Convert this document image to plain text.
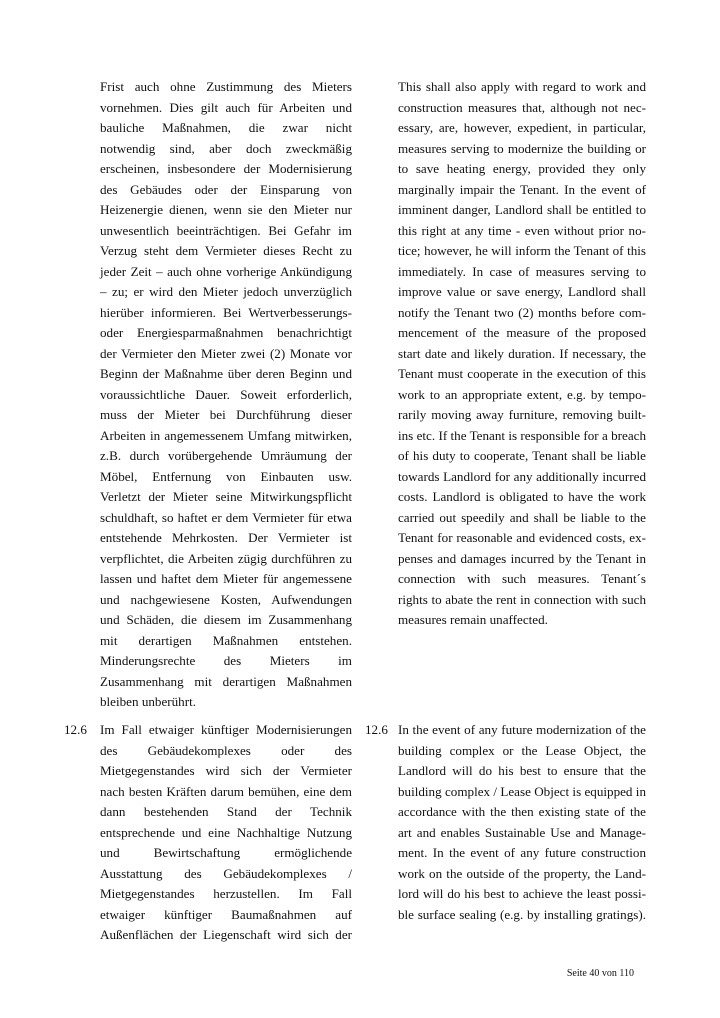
Frist auch ohne Zustimmung des Mieters
vornehmen. Dies gilt auch für Arbeiten und
bauliche Maßnahmen, die zwar nicht
notwendig sind, aber doch zweckmäßig
erscheinen, insbesondere der Modernisierung
des Gebäudes oder der Einsparung von
Heizenergie dienen, wenn sie den Mieter nur
unwesentlich beeinträchtigen. Bei Gefahr im
Verzug steht dem Vermieter dieses Recht zu
jeder Zeit – auch ohne vorherige Ankündigung
– zu; er wird den Mieter jedoch unverzüglich
hierüber informieren. Bei Wertverbesserungs-
oder Energiesparmaßnahmen benachrichtigt
der Vermieter den Mieter zwei (2) Monate vor
Beginn der Maßnahme über deren Beginn und
voraussichtliche Dauer. Soweit erforderlich,
muss der Mieter bei Durchführung dieser
Arbeiten in angemessenem Umfang mitwirken,
z.B. durch vorübergehende Umräumung der
Möbel, Entfernung von Einbauten usw.
Verletzt der Mieter seine Mitwirkungspflicht
schuldhaft, so haftet er dem Vermieter für etwa
entstehende Mehrkosten. Der Vermieter ist
verpflichtet, die Arbeiten zügig durchführen zu
lassen und haftet dem Mieter für angemessene
und nachgewiesene Kosten, Aufwendungen
und Schäden, die diesem im Zusammenhang
mit derartigen Maßnahmen entstehen.
Minderungsrechte des Mieters im
Zusammenhang mit derartigen Maßnahmen
bleiben unberührt.
This shall also apply with regard to work and
construction measures that, although not nec-
essary, are, however, expedient, in particular,
measures serving to modernize the building or
to save heating energy, provided they only
marginally impair the Tenant. In the event of
imminent danger, Landlord shall be entitled to
this right at any time - even without prior no-
tice; however, he will inform the Tenant of this
immediately. In case of measures serving to
improve value or save energy, Landlord shall
notify the Tenant two (2) months before com-
mencement of the measure of the proposed
start date and likely duration. If necessary, the
Tenant must cooperate in the execution of this
work to an appropriate extent, e.g. by tempo-
rarily moving away furniture, removing built-
ins etc. If the Tenant is responsible for a breach
of his duty to cooperate, Tenant shall be liable
towards Landlord for any additionally incurred
costs. Landlord is obligated to have the work
carried out speedily and shall be liable to the
Tenant for reasonable and evidenced costs, ex-
penses and damages incurred by the Tenant in
connection with such measures. Tenant´s
rights to abate the rent in connection with such
measures remain unaffected.
12.6 Im Fall etwaiger künftiger Modernisierungen
des Gebäudekomplexes oder des
Mietgegenstandes wird sich der Vermieter
nach besten Kräften darum bemühen, eine dem
dann bestehenden Stand der Technik
entsprechende und eine Nachhaltige Nutzung
und Bewirtschaftung ermöglichende
Ausstattung des Gebäudekomplexes /
Mietgegenstandes herzustellen. Im Fall
etwaiger künftiger Baumaßnahmen auf
Außenflächen der Liegenschaft wird sich der
12.6 In the event of any future modernization of the
building complex or the Lease Object, the
Landlord will do his best to ensure that the
building complex / Lease Object is equipped in
accordance with the then existing state of the
art and enables Sustainable Use and Manage-
ment. In the event of any future construction
work on the outside of the property, the Land-
lord will do his best to achieve the least possi-
ble surface sealing (e.g. by installing gratings).
Seite 40 von 110
